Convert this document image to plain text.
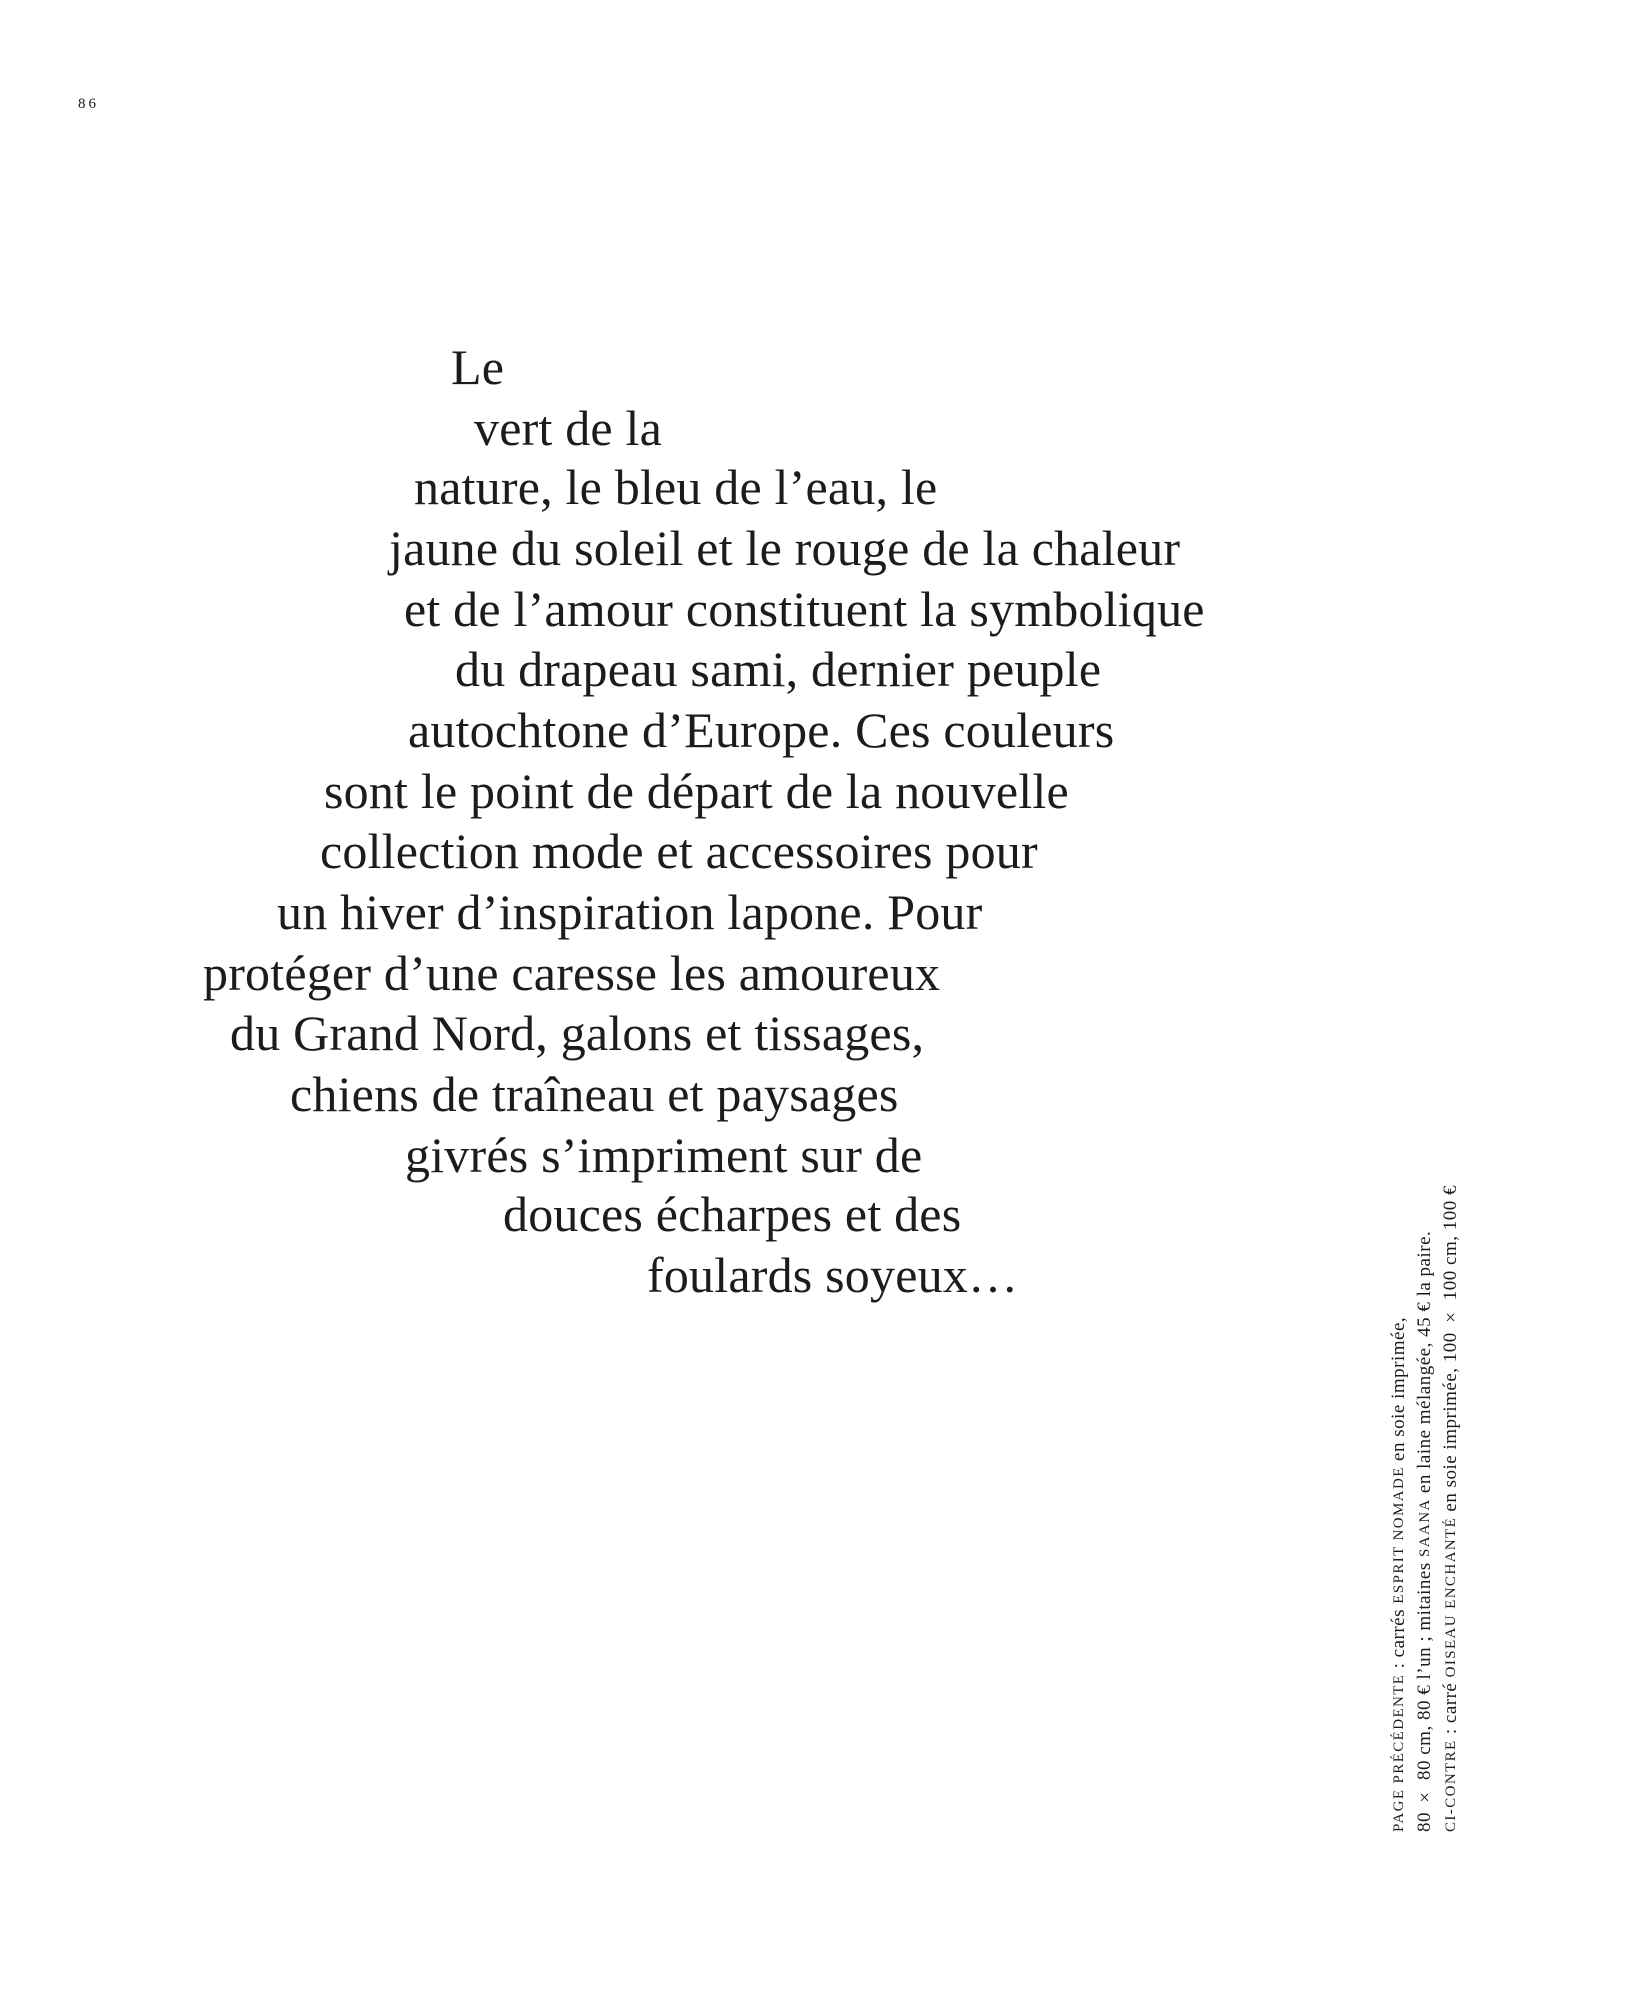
86
Le
vert de la
nature, le bleu de l’eau, le
jaune du soleil et le rouge de la chaleur
et de l’amour constituent la symbolique
du drapeau sami, dernier peuple
autochtone d’Europe. Ces couleurs
sont le point de départ de la nouvelle
collection mode et accessoires pour
un hiver d’inspiration lapone. Pour
protéger d’une caresse les amoureux
du Grand Nord, galons et tissages,
chiens de traîneau et paysages
givrés s’impriment sur de
douces écharpes et des
foulards soyeux…
PAGE PRÉCÉDENTE : carrés ESPRIT NOMADE en soie imprimée,
80 × 80 cm, 80 € l’un ; mitaines SAANA en laine mélangée, 45 € la paire.
CI-CONTRE : carré OISEAU ENCHANTÉ en soie imprimée, 100 × 100 cm, 100 €
